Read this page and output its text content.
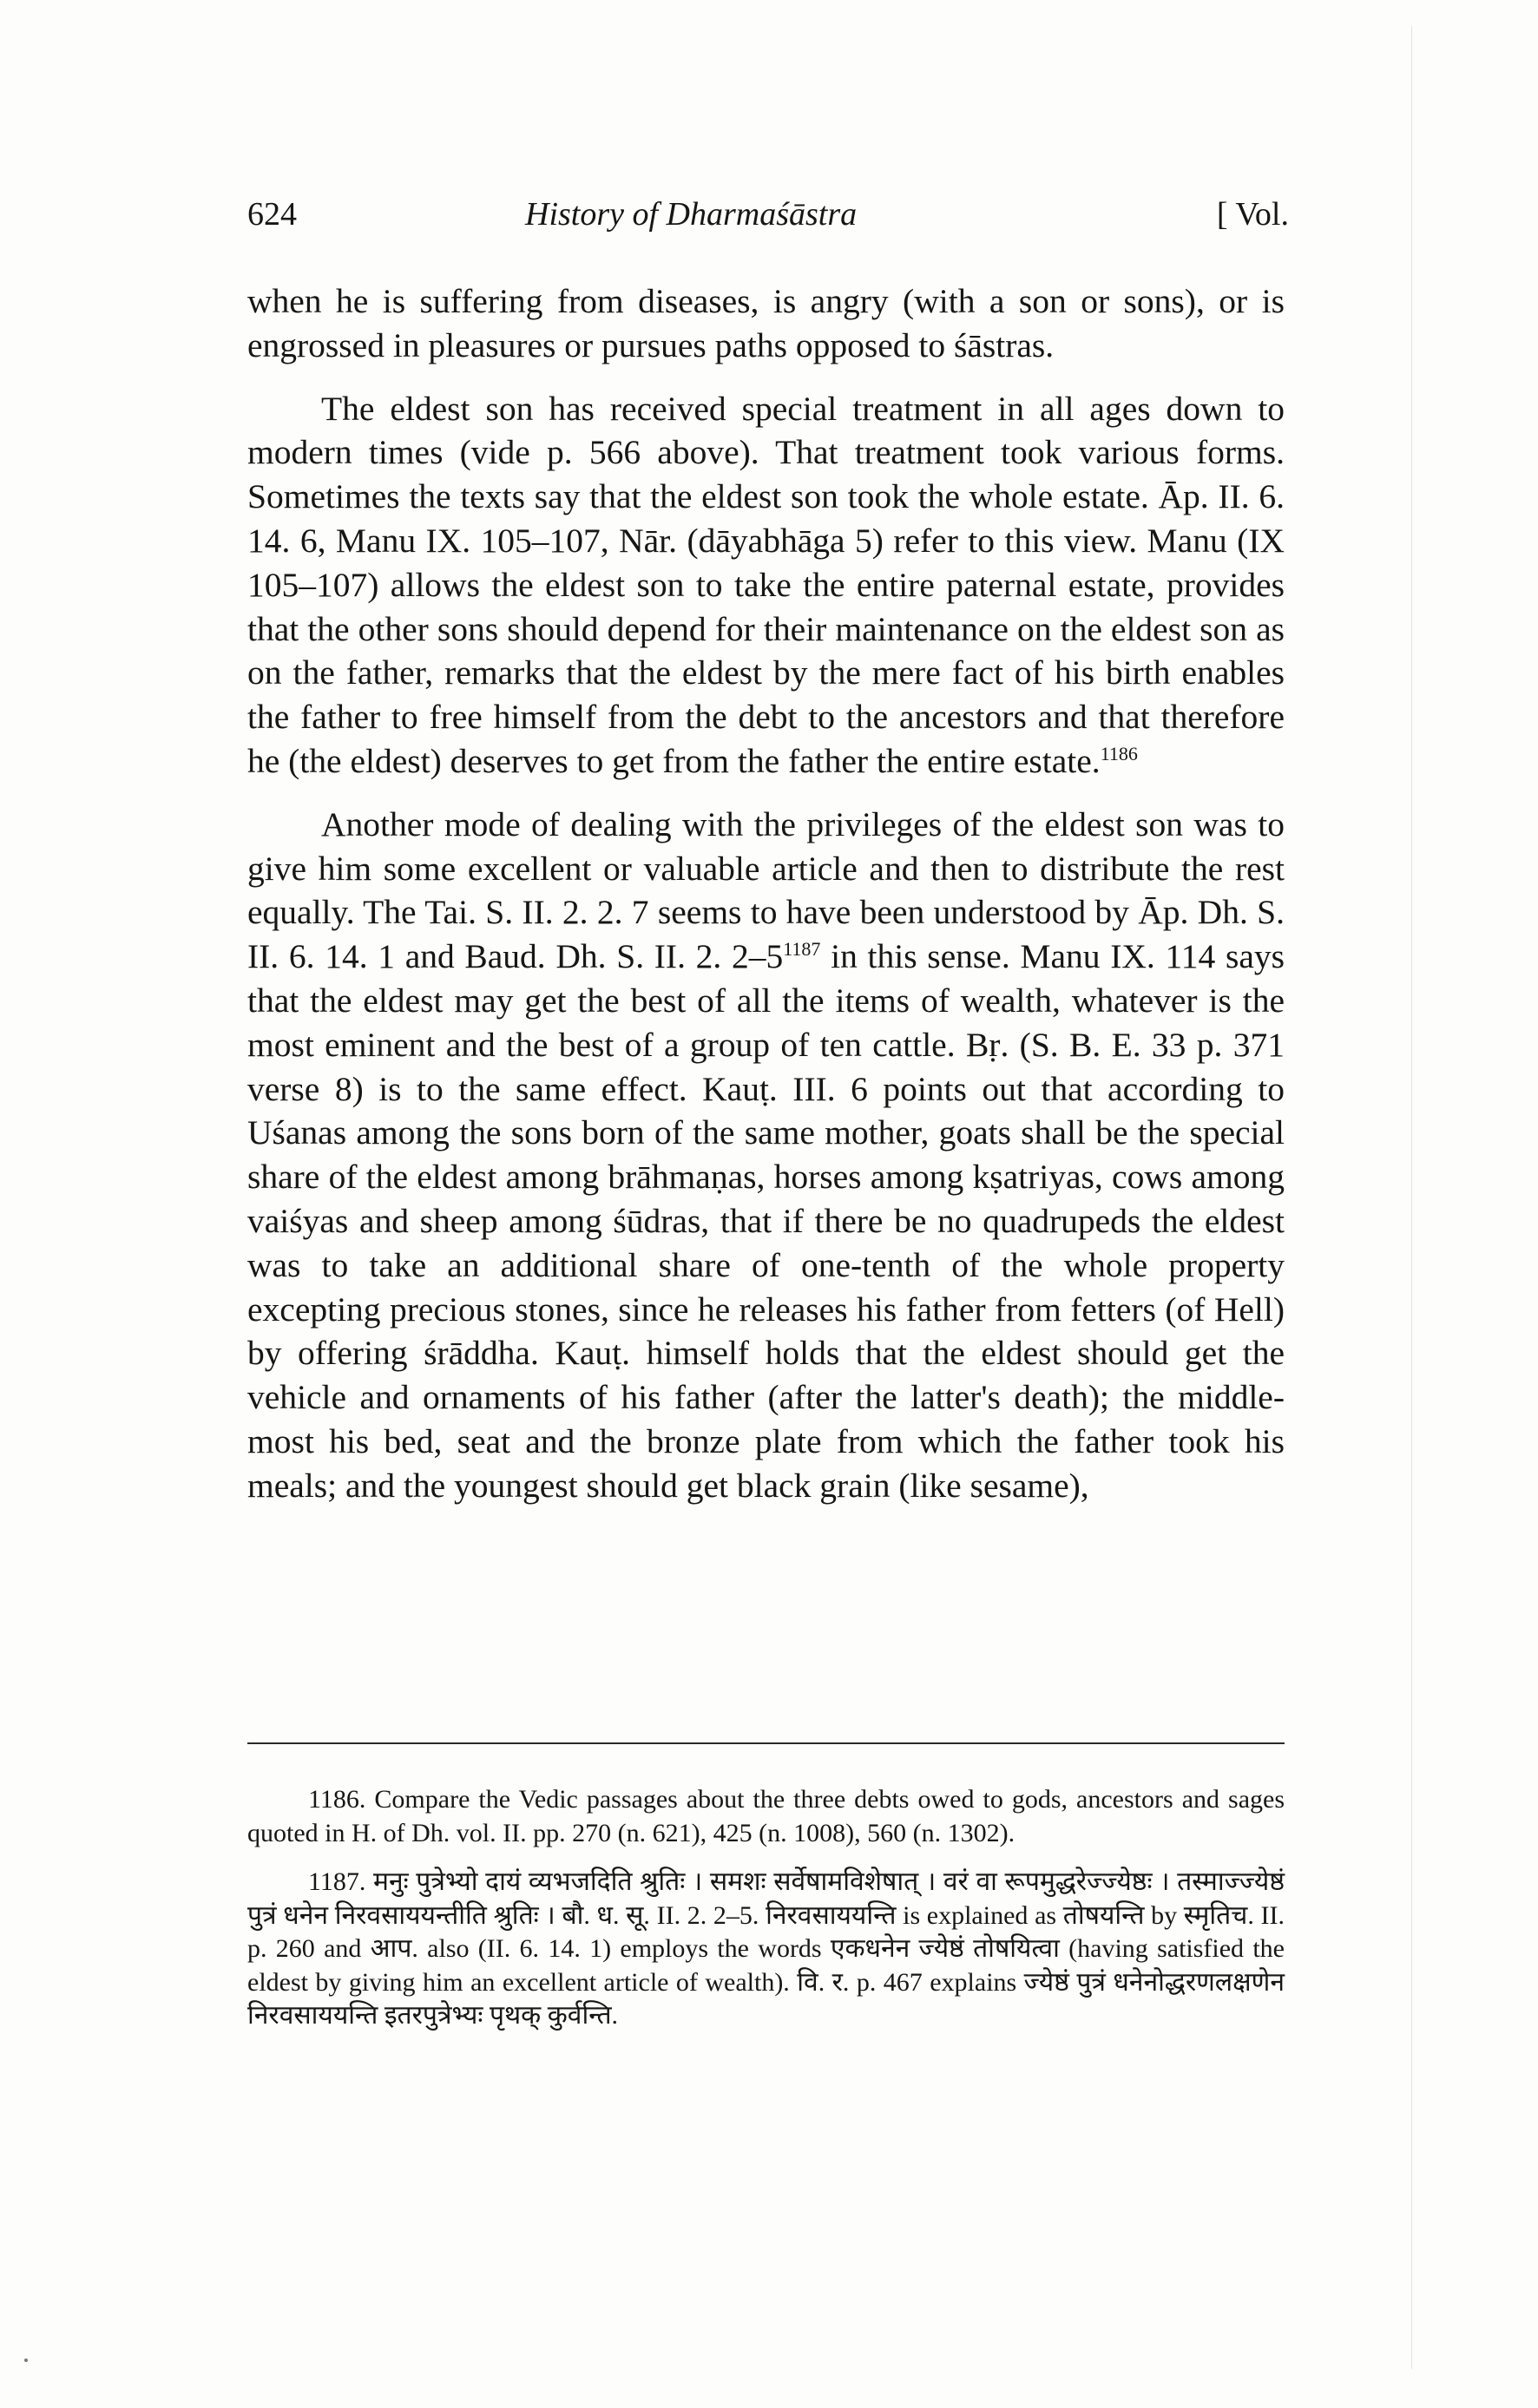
624	History of Dharmaśāstra	[ Vol.

when he is suffering from diseases, is angry (with a son or sons), or is engrossed in pleasures or pursues paths opposed to śāstras.

The eldest son has received special treatment in all ages down to modern times (vide p. 566 above). That treatment took various forms. Sometimes the texts say that the eldest son took the whole estate. Āp. II. 6. 14. 6, Manu IX. 105–107, Nār. (dāyabhāga 5) refer to this view. Manu (IX 105–107) allows the eldest son to take the entire paternal estate, provides that the other sons should depend for their maintenance on the eldest son as on the father, remarks that the eldest by the mere fact of his birth enables the father to free himself from the debt to the ancestors and that therefore he (the eldest) deserves to get from the father the entire estate.$^{1186}$

Another mode of dealing with the privileges of the eldest son was to give him some excellent or valuable article and then to distribute the rest equally. The Tai. S. II. 2. 2. 7 seems to have been understood by Āp. Dh. S. II. 6. 14. 1 and Baud. Dh. S. II. 2. $2-5^{1187}$ in this sense. Manu IX. 114 says that the eldest may get the best of all the items of wealth, whatever is the most eminent and the best of a group of ten cattle. Bṛ. (S. B. E. 33 p. 371 verse 8) is to the same effect. Kauṭ. III. 6 points out that according to Uśanas among the sons born of the same mother, goats shall be the special share of the eldest among brāhmaṇas, horses among kṣatriyas, cows among vaiśyas and sheep among śūdras, that if there be no quadrupeds the eldest was to take an additional share of one-tenth of the whole property excepting precious stones, since he releases his father from fetters (of Hell) by offering śrāddha. Kauṭ. himself holds that the eldest should get the vehicle and ornaments of his father (after the latter's death); the middle-most his bed, seat and the bronze plate from which the father took his meals; and the youngest should get black grain (like sesame),

1186. Compare the Vedic passages about the three debts owed to gods, ancestors and sages quoted in H. of Dh. vol. II. pp. 270 (n. 621), 425 (n. 1008), 560 (n. 1302).

1187. मनुः पुत्रेभ्यो दायं व्यभजदिति श्रुतिः । समशः सर्वेषामविशेषात् । वरं वा रूपमुद्धरेज्ज्येष्ठः । तस्माज्ज्येष्ठं पुत्रं धनेन निरवसाययन्तीति श्रुतिः । बौ. ध. सू. II. 2. 2–5. निरवसाययन्ति is explained as तोषयन्ति by स्मृतिच. II. p. 260 and आप. also (II. 6. 14. 1) employs the words एकधनेन ज्येष्ठं तोषयित्वा (having satisfied the eldest by giving him an excellent article of wealth). वि. र. p. 467 explains ज्येष्ठं पुत्रं धनेनोद्धरणलक्षणेन निरवसाययन्ति इतरपुत्रेभ्यः पृथक् कुर्वन्ति.
